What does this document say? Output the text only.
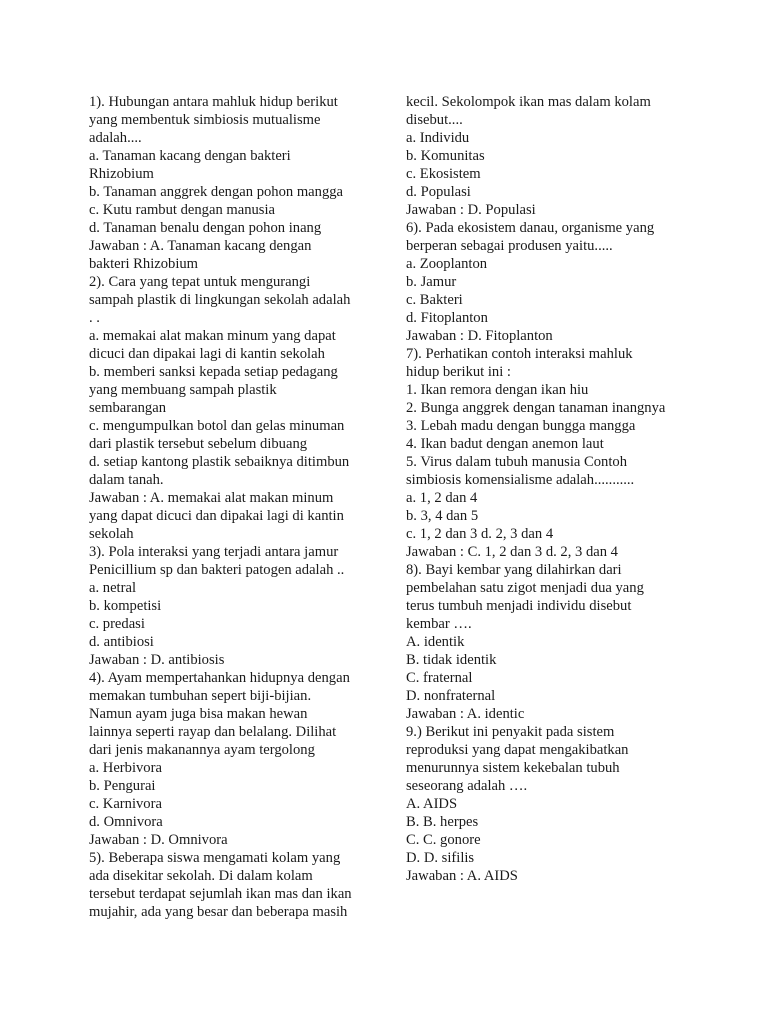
1). Hubungan antara mahluk hidup berikut
yang membentuk simbiosis mutualisme
adalah....
a. Tanaman kacang dengan bakteri
Rhizobium
b. Tanaman anggrek dengan pohon mangga
c. Kutu rambut dengan manusia
d. Tanaman benalu dengan pohon inang
Jawaban : A. Tanaman kacang dengan
bakteri Rhizobium
2). Cara yang tepat untuk mengurangi
sampah plastik di lingkungan sekolah adalah
. .
a. memakai alat makan minum yang dapat
dicuci dan dipakai lagi di kantin sekolah
b. memberi sanksi kepada setiap pedagang
yang membuang sampah plastik
sembarangan
c. mengumpulkan botol dan gelas minuman
dari plastik tersebut sebelum dibuang
d. setiap kantong plastik sebaiknya ditimbun
dalam tanah.
Jawaban : A. memakai alat makan minum
yang dapat dicuci dan dipakai lagi di kantin
sekolah
3). Pola interaksi yang terjadi antara jamur
Penicillium sp dan bakteri patogen adalah ..
a. netral
b. kompetisi
c. predasi
d. antibiosi
Jawaban : D. antibiosis
4). Ayam mempertahankan hidupnya dengan
memakan tumbuhan sepert biji-bijian.
Namun ayam juga bisa makan hewan
lainnya seperti rayap dan belalang. Dilihat
dari jenis makanannya ayam tergolong
a. Herbivora
b. Pengurai
c. Karnivora
d. Omnivora
Jawaban : D. Omnivora
5). Beberapa siswa mengamati kolam yang
ada disekitar sekolah. Di dalam kolam
tersebut terdapat sejumlah ikan mas dan ikan
mujahir, ada yang besar dan beberapa masih
kecil. Sekolompok ikan mas dalam kolam
disebut....
a. Individu
b. Komunitas
c. Ekosistem
d. Populasi
Jawaban : D. Populasi
6). Pada ekosistem danau, organisme yang
berperan sebagai produsen yaitu.....
a. Zooplanton
b. Jamur
c. Bakteri
d. Fitoplanton
Jawaban : D. Fitoplanton
7). Perhatikan contoh interaksi mahluk
hidup berikut ini :
1. Ikan remora dengan ikan hiu
2. Bunga anggrek dengan tanaman inangnya
3. Lebah madu dengan bungga mangga
4. Ikan badut dengan anemon laut
5. Virus dalam tubuh manusia Contoh
simbiosis komensialisme adalah...........
a. 1, 2 dan 4
b. 3, 4 dan 5
c. 1, 2 dan 3 d. 2, 3 dan 4
Jawaban : C. 1, 2 dan 3 d. 2, 3 dan 4
8). Bayi kembar yang dilahirkan dari
pembelahan satu zigot menjadi dua yang
terus tumbuh menjadi individu disebut
kembar ….
A. identik
B. tidak identik
C. fraternal
D. nonfraternal
Jawaban : A. identic
9.) Berikut ini penyakit pada sistem
reproduksi yang dapat mengakibatkan
menurunnya sistem kekebalan tubuh
seseorang adalah ….
A. AIDS
B. B. herpes
C. C. gonore
D. D. sifilis
Jawaban : A. AIDS
